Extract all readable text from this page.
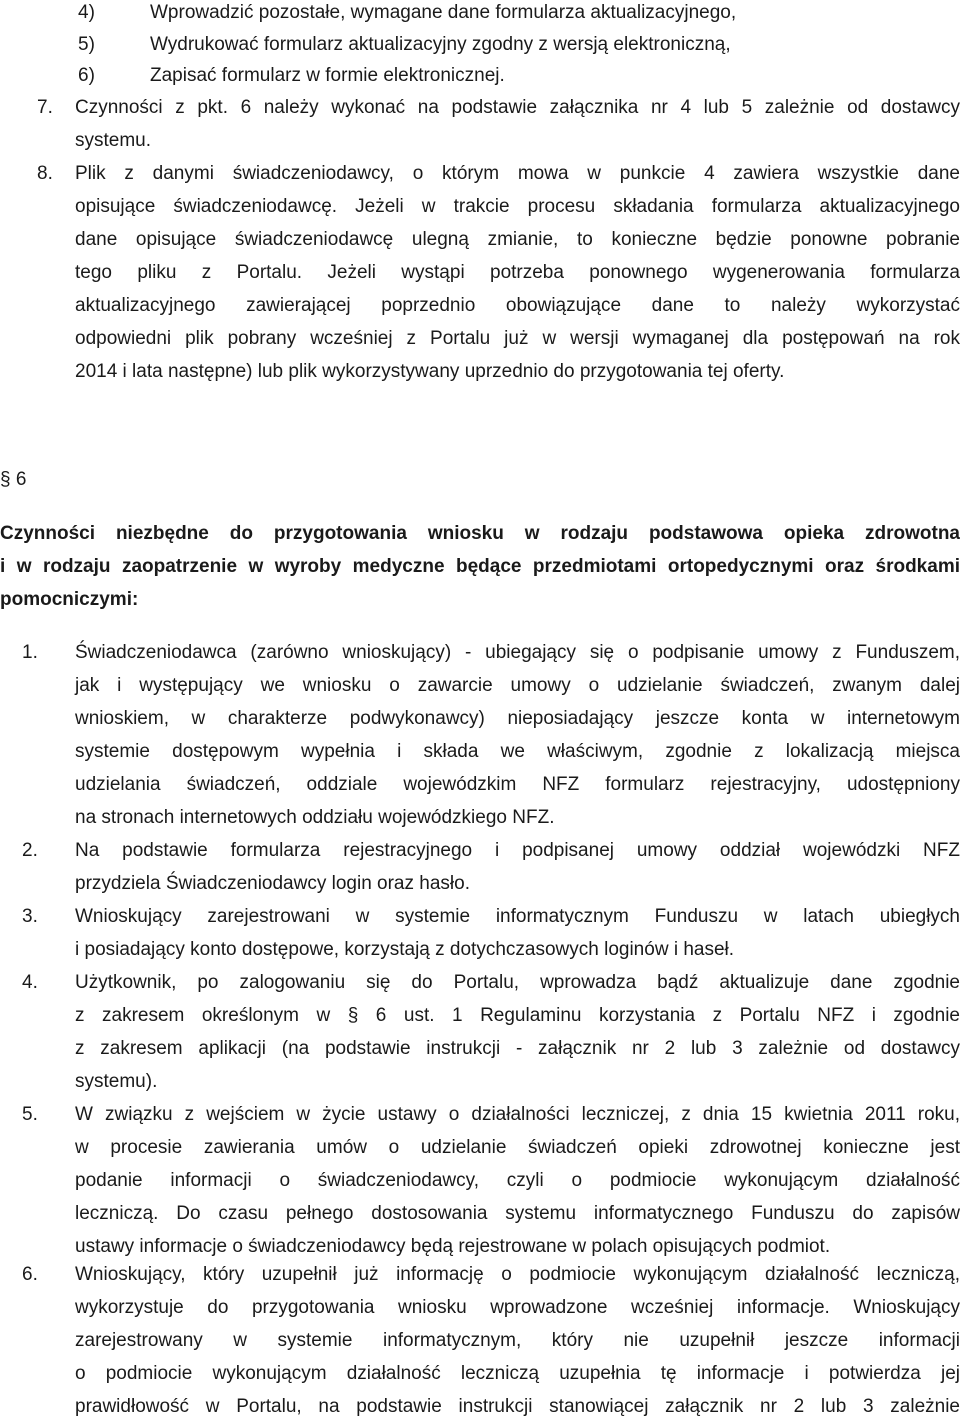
4)	Wprowadzić pozostałe, wymagane dane formularza aktualizacyjnego,
5)	Wydrukować formularz aktualizacyjny zgodny z wersją elektroniczną,
6)	Zapisać formularz w formie elektronicznej.
7.	Czynności z pkt. 6 należy wykonać na podstawie załącznika nr 4 lub 5 zależnie od dostawcy
systemu.
8.	Plik z danymi świadczeniodawcy, o którym mowa w punkcie 4 zawiera wszystkie dane
opisujące świadczeniodawcę. Jeżeli w trakcie procesu składania formularza aktualizacyjnego
dane opisujące świadczeniodawcę ulegną zmianie, to konieczne będzie ponowne pobranie
tego pliku z Portalu. Jeżeli wystąpi potrzeba ponownego wygenerowania formularza
aktualizacyjnego zawierającej poprzednio obowiązujące dane to należy wykorzystać
odpowiedni plik pobrany wcześniej z Portalu już w wersji wymaganej dla postępowań na rok
2014 i lata następne) lub plik wykorzystywany uprzednio do przygotowania tej oferty.
§ 6
Czynności niezbędne do przygotowania wniosku w rodzaju podstawowa opieka zdrowotna
i w rodzaju zaopatrzenie w wyroby medyczne będące przedmiotami ortopedycznymi oraz środkami
pomocniczymi:
1.	Świadczeniodawca (zarówno wnioskujący) - ubiegający się o podpisanie umowy z Funduszem,
jak i występujący we wniosku o zawarcie umowy o udzielanie świadczeń, zwanym dalej
wnioskiem, w charakterze podwykonawcy) nieposiadający jeszcze konta w internetowym
systemie dostępowym wypełnia i składa we właściwym, zgodnie z lokalizacją miejsca
udzielania świadczeń, oddziale wojewódzkim NFZ formularz rejestracyjny, udostępniony
na stronach internetowych oddziału wojewódzkiego NFZ.
2.	Na podstawie formularza rejestracyjnego i podpisanej umowy oddział wojewódzki NFZ
przydziela Świadczeniodawcy login oraz hasło.
3.	Wnioskujący zarejestrowani w systemie informatycznym Funduszu w latach ubiegłych
i posiadający konto dostępowe, korzystają z dotychczasowych loginów i haseł.
4.	Użytkownik, po zalogowaniu się do Portalu, wprowadza bądź aktualizuje dane zgodnie
z zakresem określonym w § 6 ust. 1 Regulaminu korzystania z Portalu NFZ i zgodnie
z zakresem aplikacji (na podstawie instrukcji - załącznik nr 2 lub 3 zależnie od dostawcy
systemu).
5.	W związku z wejściem w życie ustawy o działalności leczniczej, z dnia 15 kwietnia 2011 roku,
w procesie zawierania umów o udzielanie świadczeń opieki zdrowotnej konieczne jest
podanie informacji o świadczeniodawcy, czyli o podmiocie wykonującym działalność
leczniczą. Do czasu pełnego dostosowania systemu informatycznego Funduszu do zapisów
ustawy informacje o świadczeniodawcy będą rejestrowane w polach opisujących podmiot.
6.	Wnioskujący, który uzupełnił już informację o podmiocie wykonującym działalność leczniczą,
wykorzystuje do przygotowania wniosku wprowadzone wcześniej informacje. Wnioskujący
zarejestrowany w systemie informatycznym, który nie uzupełnił jeszcze informacji
o podmiocie wykonującym działalność leczniczą uzupełnia tę informacje i potwierdza jej
prawidłowość w Portalu, na podstawie instrukcji stanowiącej załącznik nr 2 lub 3 zależnie
